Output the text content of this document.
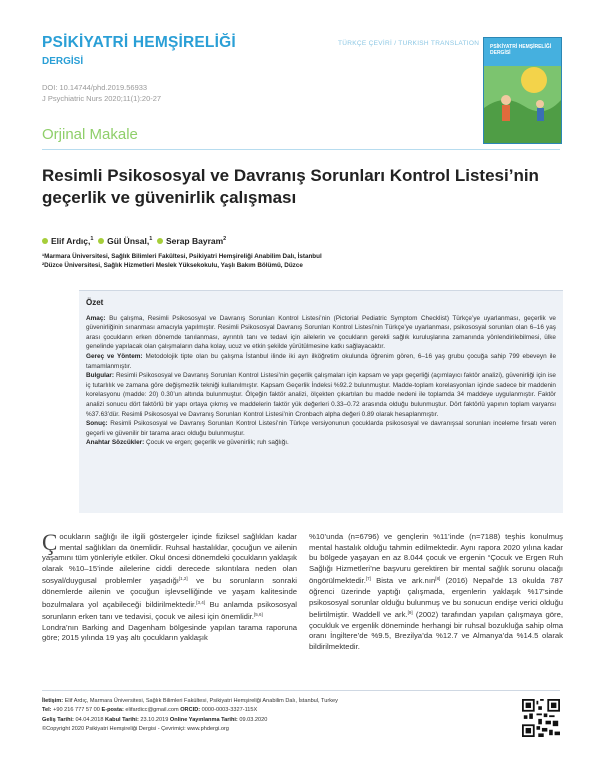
PSİKİYATRİ HEMŞİRELİĞİ
DERGİSİ
DOI: 10.14744/phd.2019.56933
J Psychiatric Nurs 2020;11(1):20-27
TÜRKÇE ÇEVİRİ / TURKISH TRANSLATION PSİKİYATRİ HEMŞİRELİĞİ DERGİSİ
Orjinal Makale
Resimli Psikososyal ve Davranış Sorunları Kontrol Listesi’nin geçerlik ve güvenirlik çalışması
Elif Ardıç,$^1$ Gül Ünsal,$^1$ Serap Bayram$^2$
¹Marmara Üniversitesi, Sağlık Bilimleri Fakültesi, Psikiyatri Hemşireliği Anabilim Dalı, İstanbul
²Düzce Üniversitesi, Sağlık Hizmetleri Meslek Yüksekokulu, Yaşlı Bakım Bölümü, Düzce
Özet

Amaç: Bu çalışma, Resimli Psikososyal ve Davranış Sorunları Kontrol Listesi’nin (Pictorial Pediatric Symptom Checklist) Türkçe’ye uyarlanması, geçerlik ve güvenirliğinin sınanması amacıyla yapılmıştır. Resimli Psikososyal Davranış Sorunları Kontrol Listesi’nin Türkçe’ye uyarlanması, psikososyal sorunları olan 6–16 yaş arası çocukların erken dönemde tanılanması, ayrıntılı tanı ve tedavi için ailelerin ve çocukların gerekli sağlık kuruluşlarına zamanında yönlendirilebilmesi, ülke genelinde yapılacak olan çalışmaların daha kolay, ucuz ve etkin şekilde yürütülmesine katkı sağlayacaktır.

Gereç ve Yöntem: Metodolojik tipte olan bu çalışma İstanbul ilinde iki ayrı ilköğretim okulunda öğrenim gören, 6–16 yaş grubu çocuğa sahip 799 ebeveyn ile tamamlanmıştır.

Bulgular: Resimli Psikososyal ve Davranış Sorunları Kontrol Listesi’nin geçerlik çalışmaları için kapsam ve yapı geçerliği (açımlayıcı faktör analizi), güvenirliği için ise iç tutarlılık ve zamana göre değişmezlik tekniği kullanılmıştır. Kapsam Geçerlik İndeksi %92.2 bulunmuştur. Madde-toplam korelasyonları içinde sadece bir maddenin korelasyonu (madde: 20) 0.30’un altında bulunmuştur. Ölçeğin faktör analizi, ölçekten çıkartılan bu madde nedeni ile toplamda 34 maddeye uygulanmıştır. Faktör analizi sonucu dört faktörlü bir yapı ortaya çıkmış ve maddelerin faktör yük değerleri 0.33–0.72 arasında olduğu bulunmuştur. Dört faktörlü yapının toplam varyansı %37.63’dür. Resimli Psikososyal ve Davranış Sorunları Kontrol Listesi’nin Cronbach alpha değeri 0.89 olarak hesaplanmıştır.

Sonuç: Resimli Psikososyal ve Davranış Sorunları Kontrol Listesi’nin Türkçe versiyonunun çocuklarda psikososyal ve davranışsal sorunları inceleme fırsatı veren geçerli ve güvenilir bir tarama aracı olduğu bulunmuştur.

Anahtar Sözcükler: Çocuk ve ergen; geçerlik ve güvenirlik; ruh sağlığı.

Çocukların sağlığı ile ilgili göstergeler içinde fiziksel sağlıkları kadar mental sağlıkları da önemlidir. Ruhsal hastalıklar, çocuğun ve ailenin yaşamını tüm yönleriyle etkiler. Okul öncesi dönemdeki çocukların yaklaşık olarak %10–15’inde ailelerine ciddi derecede sıkıntılara neden olan sosyal/duygusal problemler yaşadığı[1,2] ve bu sorunların sonraki dönemlerde ailenin ve çocuğun işlevselliğinde ve yaşam kalitesinde bozulmalara yol açabileceği bildirilmektedir.[3,4] Bu anlamda psikososyal sorunların erken tanı ve tedavisi, çocuk ve ailesi için önemlidir.[5,6]

Londra’nın Barking and Dagenham bölgesinde yapılan tarama raporuna göre; 2015 yılında 19 yaş altı çocukların yaklaşık

%10’unda (n=6796) ve gençlerin %11’inde (n=7188) teşhis konulmuş mental hastalık olduğu tahmin edilmektedir. Aynı rapora 2020 yılına kadar bu bölgede yaşayan en az 8.044 çocuk ve ergenin “Çocuk ve Ergen Ruh Sağlığı Hizmetleri’ne başvuru gerektiren bir mental sağlık sorunu olacağı öngörülmektedir.[7] Bista ve ark.nın[8] (2016) Nepal’de 13 okulda 787 öğrenci üzerinde yaptığı çalışmada, ergenlerin yaklaşık %17’sinde psikososyal sorunlar olduğu bulunmuş ve bu sonucun endişe verici olduğu belirtilmiştir. Waddell ve ark.[9] (2002) tarafından yapılan çalışmaya göre, çocukluk ve ergenlik döneminde herhangi bir ruhsal bozukluğa sahip olma oranı İngiltere’de %9.5, Brezilya’da %12.7 ve Almanya’da %14.5 olarak bildirilmektedir.

İletişim: Elif Ardıç, Marmara Üniversitesi, Sağlık Bilimleri Fakültesi, Psikiyatri Hemşireliği Anabilim Dalı, İstanbul, Turkey
Tel: +90 216 777 57 00 E-posta: elifardicc@gmail.com ORCID: 0000-0003-3327-115X
Geliş Tarihi: 04.04.2018 Kabul Tarihi: 23.10.2019 Online Yayınlanma Tarihi: 09.03.2020
©Copyright 2020 Psikiyatri Hemşireliği Dergisi - Çevrimiçi: www.phdergi.org
